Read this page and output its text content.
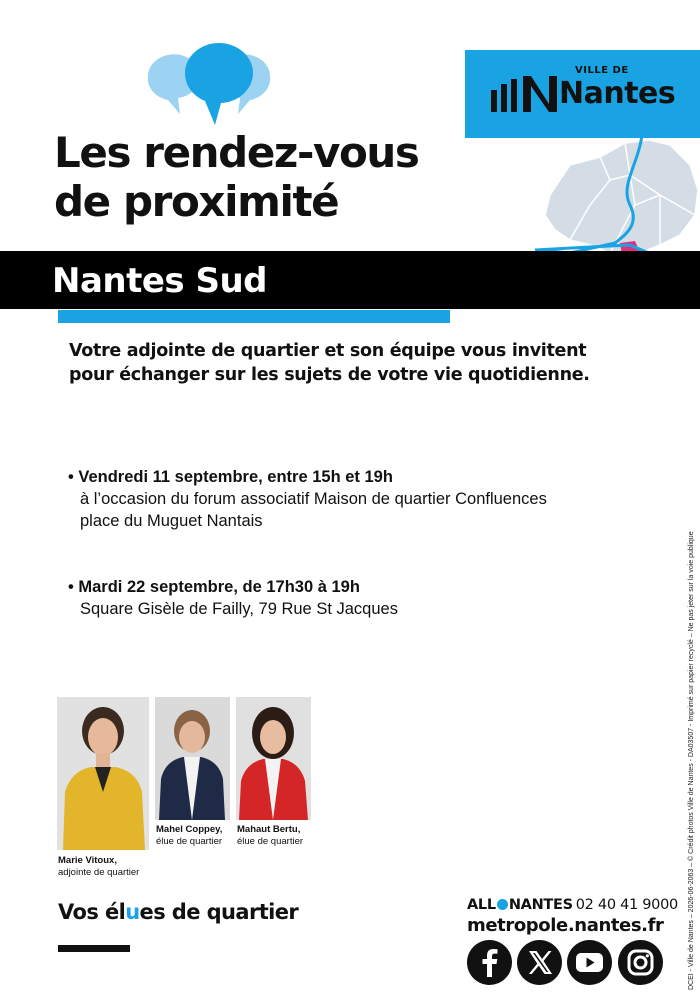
Les rendez-vous
de proximité
VILLE DE
Nantes
Nantes Sud

Votre adjointe de quartier et son équipe vous invitent pour échanger sur les sujets de votre vie quotidienne.

• Vendredi 11 septembre, entre 15h et 19h
à l’occasion du forum associatif Maison de quartier Confluences
place du Muguet Nantais
• Mardi 22 septembre, de 17h30 à 19h
Square Gisèle de Failly, 79 Rue St Jacques
Marie Vitoux,
adjointe de quartier
Mahel Coppey,
élue de quartier
Mahaut Bertu,
élue de quartier
Vos élues de quartier	ALL NANTES 02 40 41 9000
metropole.nantes.fr	DCEI - Ville de Nantes – 2026-06-2063 – © Crédit photos Ville de Nantes - DA03507 - Imprimé sur papier recyclé – Ne pas jeter sur la voie publique
